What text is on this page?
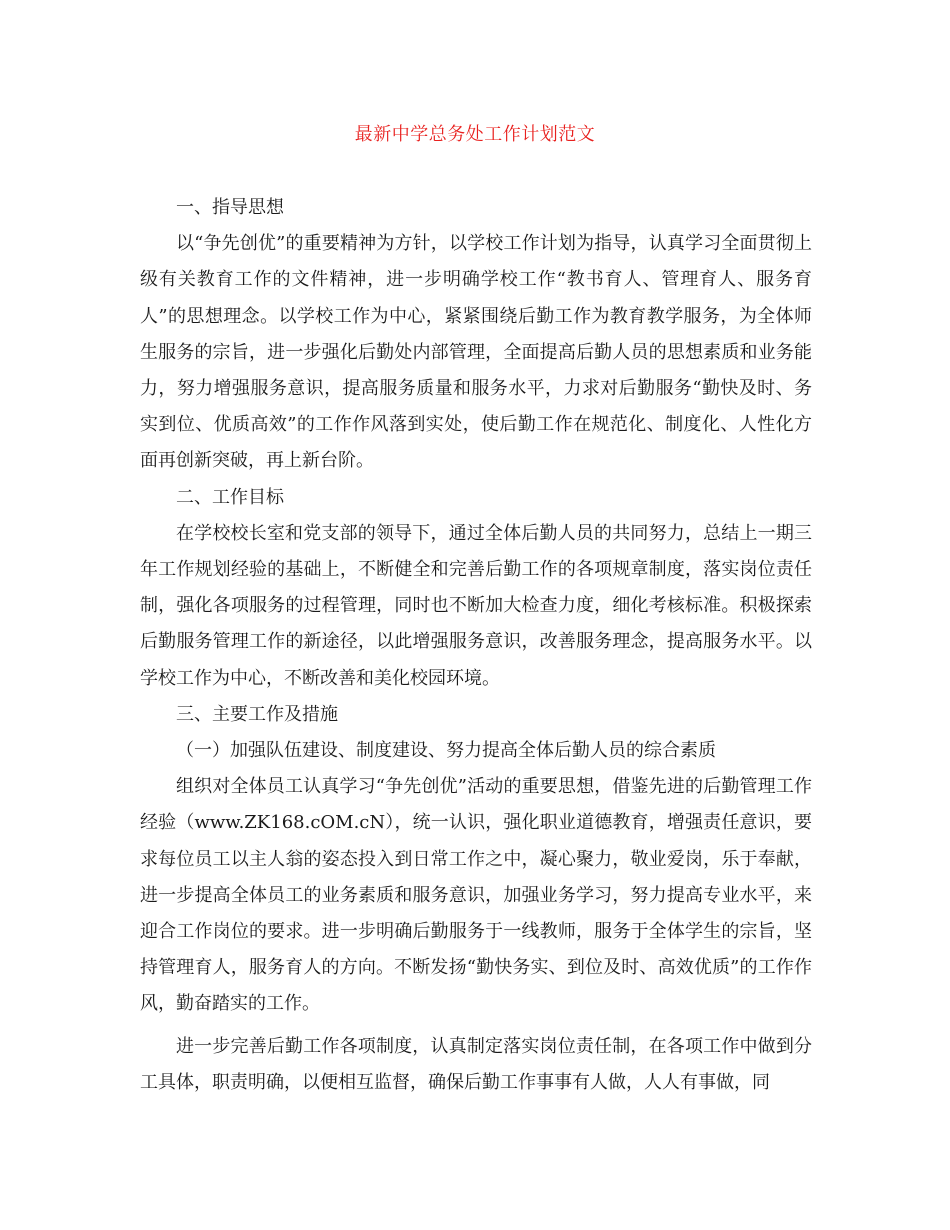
最新中学总务处工作计划范文

一、指导思想

以“争先创优”的重要精神为方针，以学校工作计划为指导，认真学习全面贯彻上级有关教育工作的文件精神，进一步明确学校工作“教书育人、管理育人、服务育人”的思想理念。以学校工作为中心，紧紧围绕后勤工作为教育教学服务，为全体师生服务的宗旨，进一步强化后勤处内部管理，全面提高后勤人员的思想素质和业务能力，努力增强服务意识，提高服务质量和服务水平，力求对后勤服务“勤快及时、务实到位、优质高效”的工作作风落到实处，使后勤工作在规范化、制度化、人性化方面再创新突破，再上新台阶。

二、工作目标

在学校校长室和党支部的领导下，通过全体后勤人员的共同努力，总结上一期三年工作规划经验的基础上，不断健全和完善后勤工作的各项规章制度，落实岗位责任制，强化各项服务的过程管理，同时也不断加大检查力度，细化考核标准。积极探索后勤服务管理工作的新途径，以此增强服务意识，改善服务理念，提高服务水平。以学校工作为中心，不断改善和美化校园环境。

三、主要工作及措施

（一）加强队伍建设、制度建设、努力提高全体后勤人员的综合素质

组织对全体员工认真学习“争先创优”活动的重要思想，借鉴先进的后勤管理工作经验（www.ZK168.cOM.cN），统一认识，强化职业道德教育，增强责任意识，要求每位员工以主人翁的姿态投入到日常工作之中，凝心聚力，敬业爱岗，乐于奉献，进一步提高全体员工的业务素质和服务意识，加强业务学习，努力提高专业水平，来迎合工作岗位的要求。进一步明确后勤服务于一线教师，服务于全体学生的宗旨，坚持管理育人，服务育人的方向。不断发扬“勤快务实、到位及时、高效优质”的工作作风，勤奋踏实的工作。

进一步完善后勤工作各项制度，认真制定落实岗位责任制，在各项工作中做到分工具体，职责明确，以便相互监督，确保后勤工作事事有人做，人人有事做，同
